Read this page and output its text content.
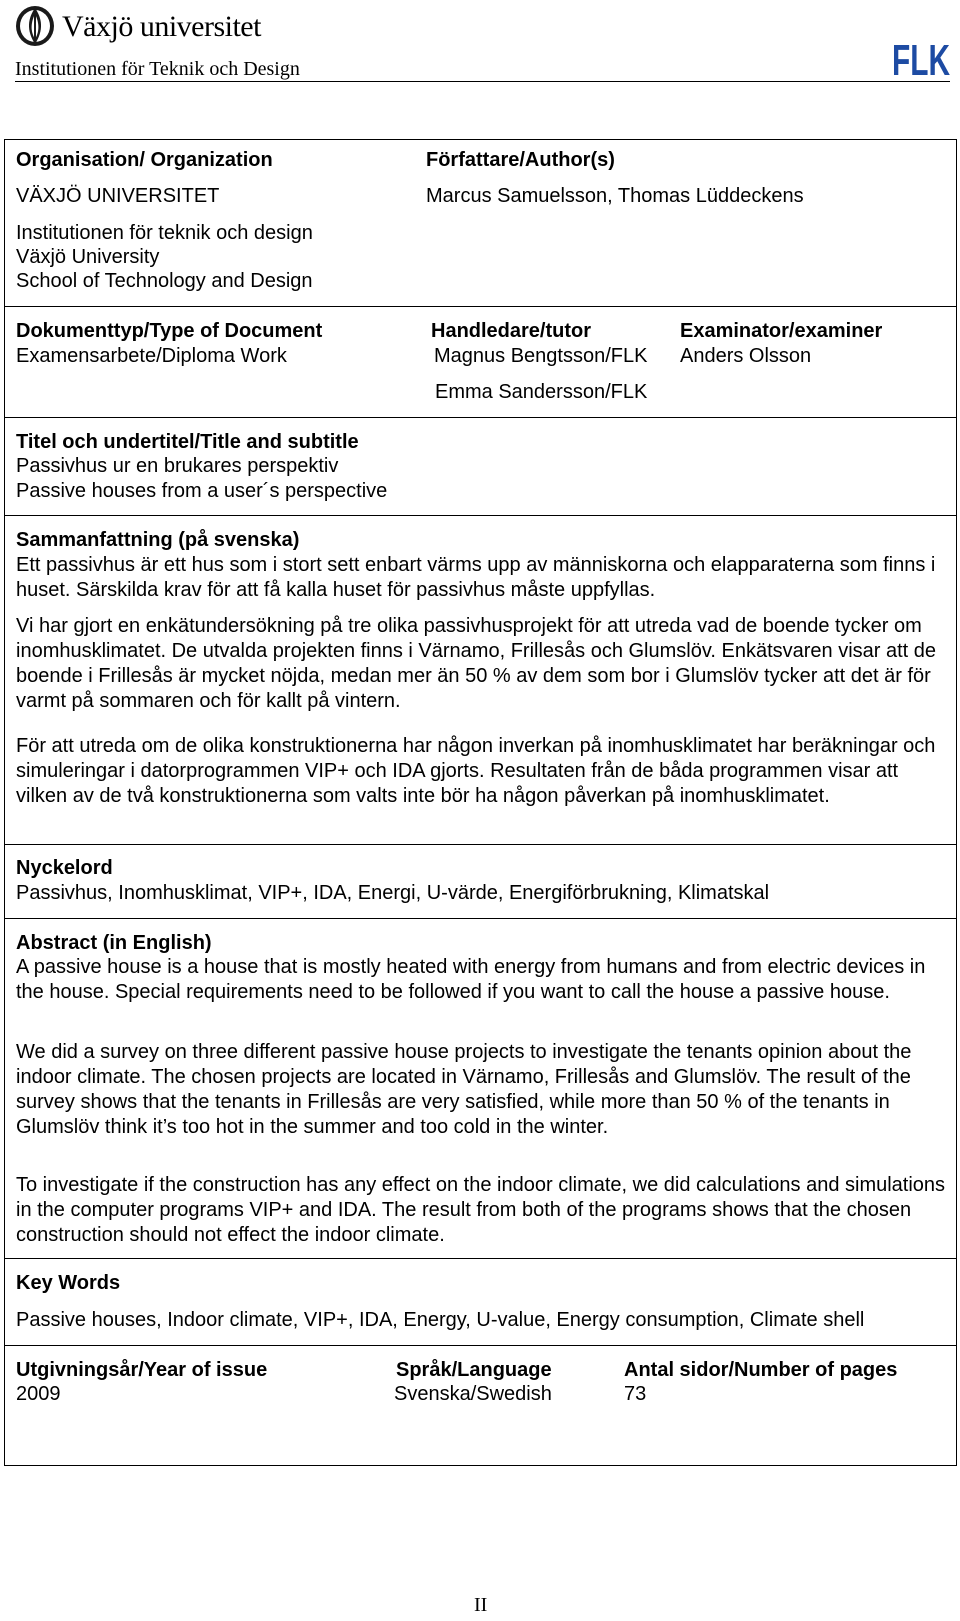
Växjö universitet
Institutionen för Teknik och Design	FLK
Organisation/ Organization
VÄXJÖ UNIVERSITET
Institutionen för teknik och design
Växjö University
School of Technology and Design
Författare/Author(s)
Marcus Samuelsson, Thomas Lüddeckens
Dokumenttyp/Type of Document
Examensarbete/Diploma Work
Handledare/tutor
Magnus Bengtsson/FLK
Emma Sandersson/FLK
Examinator/examiner
Anders Olsson
Titel och undertitel/Title and subtitle
Passivhus ur en brukares perspektiv
Passive houses from a user´s perspective
Sammanfattning (på svenska)
Ett passivhus är ett hus som i stort sett enbart värms upp av människorna och elapparaterna som finns i huset. Särskilda krav för att få kalla huset för passivhus måste uppfyllas.
Vi har gjort en enkätundersökning på tre olika passivhusprojekt för att utreda vad de boende tycker om inomhusklimatet. De utvalda projekten finns i Värnamo, Frillesås och Glumslöv. Enkätsvaren visar att de boende i Frillesås är mycket nöjda, medan mer än 50 % av dem som bor i Glumslöv tycker att det är för varmt på sommaren och för kallt på vintern.
För att utreda om de olika konstruktionerna har någon inverkan på inomhusklimatet har beräkningar och simuleringar i datorprogrammen VIP+ och IDA gjorts. Resultaten från de båda programmen visar att vilken av de två konstruktionerna som valts inte bör ha någon påverkan på inomhusklimatet.
Nyckelord
Passivhus, Inomhusklimat, VIP+, IDA, Energi, U-värde, Energiförbrukning, Klimatskal
Abstract (in English)
A passive house is a house that is mostly heated with energy from humans and from electric devices in the house. Special requirements need to be followed if you want to call the house a passive house.
We did a survey on three different passive house projects to investigate the tenants opinion about the indoor climate. The chosen projects are located in Värnamo, Frillesås and Glumslöv. The result of the survey shows that the tenants in Frillesås are very satisfied, while more than 50 % of the tenants in Glumslöv think it’s too hot in the summer and too cold in the winter.
To investigate if the construction has any effect on the indoor climate, we did calculations and simulations in the computer programs VIP+ and IDA. The result from both of the programs shows that the chosen construction should not effect the indoor climate.
Key Words
Passive houses, Indoor climate, VIP+, IDA, Energy, U-value, Energy consumption, Climate shell
Utgivningsår/Year of issue
2009
Språk/Language
Svenska/Swedish
Antal sidor/Number of pages
73
II
